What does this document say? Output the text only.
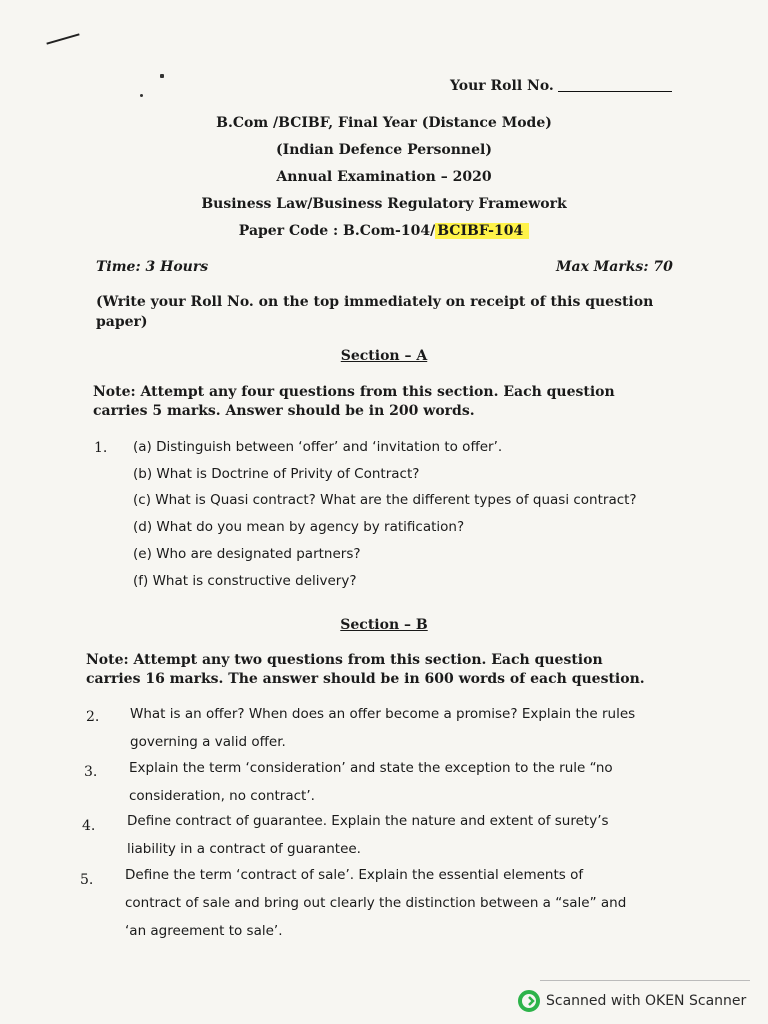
Your Roll No.
B.Com /BCIBF, Final Year (Distance Mode)
(Indian Defence Personnel)
Annual Examination – 2020
Business Law/Business Regulatory Framework
Paper Code : B.Com-104/ BCIBF-104
Time: 3 Hours	Max Marks: 70
(Write your Roll No. on the top immediately on receipt of this question paper)
Section – A
Note: Attempt any four questions from this section. Each question carries 5 marks. Answer should be in 200 words.
1. (a) Distinguish between ‘offer’ and ‘invitation to offer’.
(b) What is Doctrine of Privity of Contract?
(c) What is Quasi contract? What are the different types of quasi contract?
(d) What do you mean by agency by ratification?
(e) Who are designated partners?
(f) What is constructive delivery?
Section – B
Note: Attempt any two questions from this section. Each question carries 16 marks. The answer should be in 600 words of each question.
2. What is an offer? When does an offer become a promise? Explain the rules
governing a valid offer.
3. Explain the term ‘consideration’ and state the exception to the rule “no
consideration, no contract’.
4. Define contract of guarantee. Explain the nature and extent of surety’s
liability in a contract of guarantee.
5. Define the term ‘contract of sale’. Explain the essential elements of
contract of sale and bring out clearly the distinction between a “sale” and
‘an agreement to sale’.
Scanned with OKEN Scanner
